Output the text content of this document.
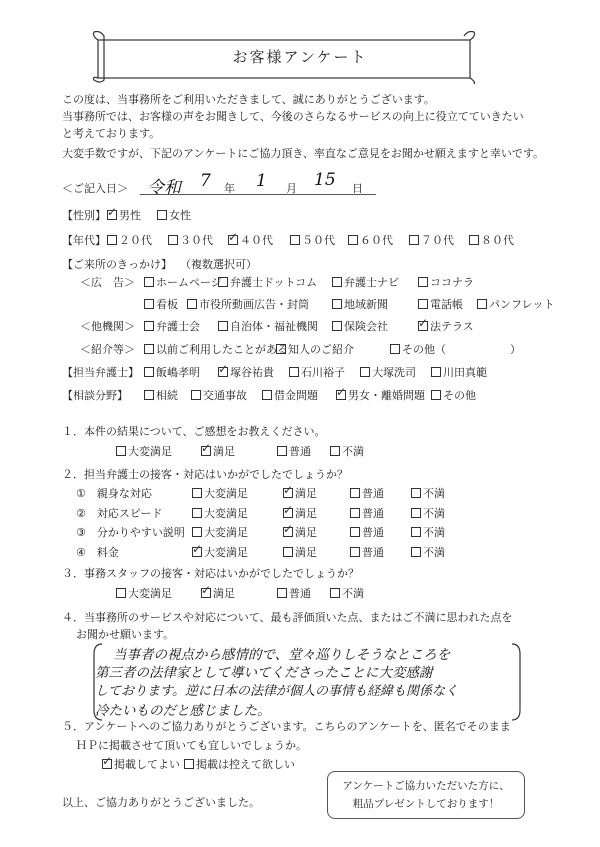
お客様アンケート
この度は、当事務所をご利用いただきまして、誠にありがとうございます。
当事務所では、お客様の声をお聞きして、今後のさらなるサービスの向上に役立てていきたい
と考えております。
大変手数ですが、下記のアンケートにご協力頂き、率直なご意見をお聞かせ願えますと幸いです。
＜ご記入日＞ 令和 7 年 1 月 15 日
【性別】 ✓	男性	女性
【年代】	２０代	３０代 ✓	４０代	５０代	６０代	７０代	８０代
【ご来所のきっかけ】 （複数選択可）
＜広　告＞	ホームページ 弁護士ドットコム	弁護士ナビ	ココナラ
看板	市役所動画広告・封筒	地域新聞	電話帳	パンフレット
＜他機関＞	弁護士会	自治体・福祉機関	保険会社 ✓	法テラス
＜紹介等＞	以前ご利用したことがある 知人のご紹介	その他（	）
【担当弁護士】	飯嶋孝明 ✓	塚谷祐貴	石川裕子	大塚洗司	川田真範
【相談分野】	相続	交通事故	借金問題 ✓	男女・離婚問題	その他
１．本件の結果について、ご感想をお教えください。
大変満足 ✓	満足	普通	不満
２．担当弁護士の接客・対応はいかがでしたでしょうか？
①　親身な対応	大変満足 ✓	満足	普通	不満
②　対応スピード	大変満足 ✓	満足	普通	不満
③　分かりやすい説明	大変満足 ✓	満足	普通	不満
④　料金 ✓	大変満足	満足	普通	不満
３．事務スタッフの接客・対応はいかがでしたでしょうか？
大変満足 ✓	満足	普通	不満
４．当事務所のサービスや対応について、最も評価頂いた点、またはご不満に思われた点を
お聞かせ願います。
当事者の視点から感情的で、堂々巡りしそうなところを
第三者の法律家として導いてくださったことに大変感謝
しております。逆に日本の法律が個人の事情も経緯も関係なく
冷たいものだと感じました。
５．アンケートへのご協力ありがとうございます。こちらのアンケートを、匿名でそのまま
ＨＰに掲載させて頂いても宜しいでしょうか。
✓掲載してよい	掲載は控えて欲しい
アンケートご協力いただいた方に、
粗品プレゼントしております！
以上、ご協力ありがとうございました。
